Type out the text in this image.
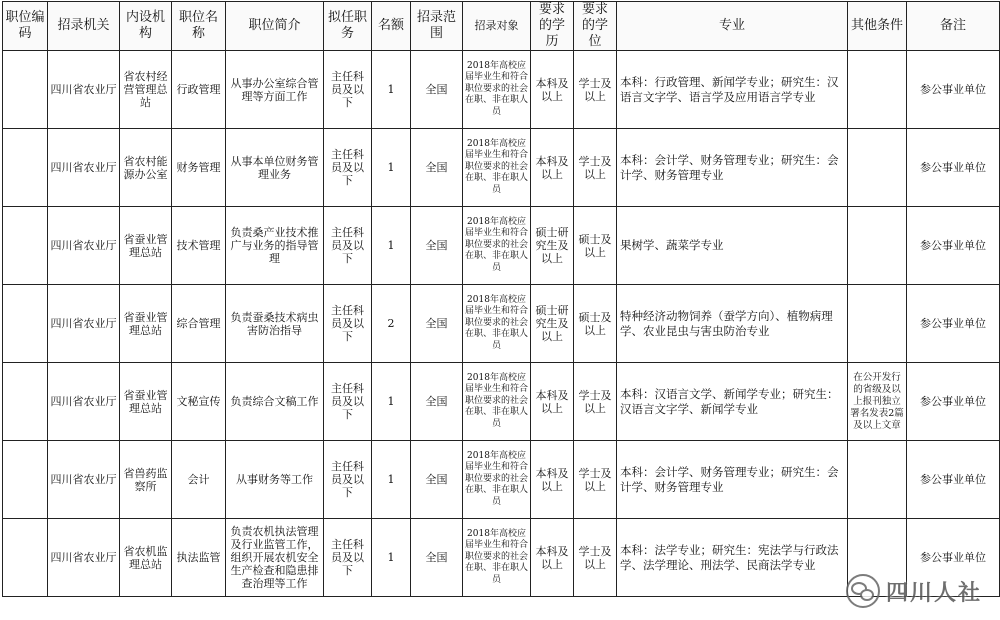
职位编码	招录机关	内设机构	职位名称	职位简介	拟任职务	名额	招录范围	招录对象	要求的学历	要求的学位	专业	其他条件	备注
	四川省农业厅	省农村经营管理总站	行政管理	从事办公室综合管理等方面工作	主任科员及以下	1	全国	2018年高校应届毕业生和符合职位要求的社会在职、非在职人员	本科及以上	学士及以上	本科：行政管理、新闻学专业；研究生：汉语言文字学、语言学及应用语言学专业		参公事业单位
	四川省农业厅	省农村能源办公室	财务管理	从事本单位财务管理业务	主任科员及以下	1	全国	2018年高校应届毕业生和符合职位要求的社会在职、非在职人员	本科及以上	学士及以上	本科：会计学、财务管理专业；研究生：会计学、财务管理专业		参公事业单位
	四川省农业厅	省蚕业管理总站	技术管理	负责桑产业技术推广与业务的指导管理	主任科员及以下	1	全国	2018年高校应届毕业生和符合职位要求的社会在职、非在职人员	硕士研究生及以上	硕士及以上	果树学、蔬菜学专业		参公事业单位
	四川省农业厅	省蚕业管理总站	综合管理	负责蚕桑技术病虫害防治指导	主任科员及以下	2	全国	2018年高校应届毕业生和符合职位要求的社会在职、非在职人员	硕士研究生及以上	硕士及以上	特种经济动物饲养（蚕学方向）、植物病理学、农业昆虫与害虫防治专业		参公事业单位
	四川省农业厅	省蚕业管理总站	文秘宣传	负责综合文稿工作	主任科员及以下	1	全国	2018年高校应届毕业生和符合职位要求的社会在职、非在职人员	本科及以上	学士及以上	本科：汉语言文学、新闻学专业；研究生：汉语言文字学、新闻学专业	在公开发行的省级及以上报刊独立署名发表2篇及以上文章	参公事业单位
	四川省农业厅	省兽药监察所	会计	从事财务等工作	主任科员及以下	1	全国	2018年高校应届毕业生和符合职位要求的社会在职、非在职人员	本科及以上	学士及以上	本科：会计学、财务管理专业；研究生：会计学、财务管理专业		参公事业单位
	四川省农业厅	省农机监理总站	执法监管	负责农机执法管理及行业监管工作，组织开展农机安全生产检查和隐患排查治理等工作	主任科员及以下	1	全国	2018年高校应届毕业生和符合职位要求的社会在职、非在职人员	本科及以上	学士及以上	本科：法学专业；研究生：宪法学与行政法学、法学理论、刑法学、民商法学专业		参公事业单位
四川人社
